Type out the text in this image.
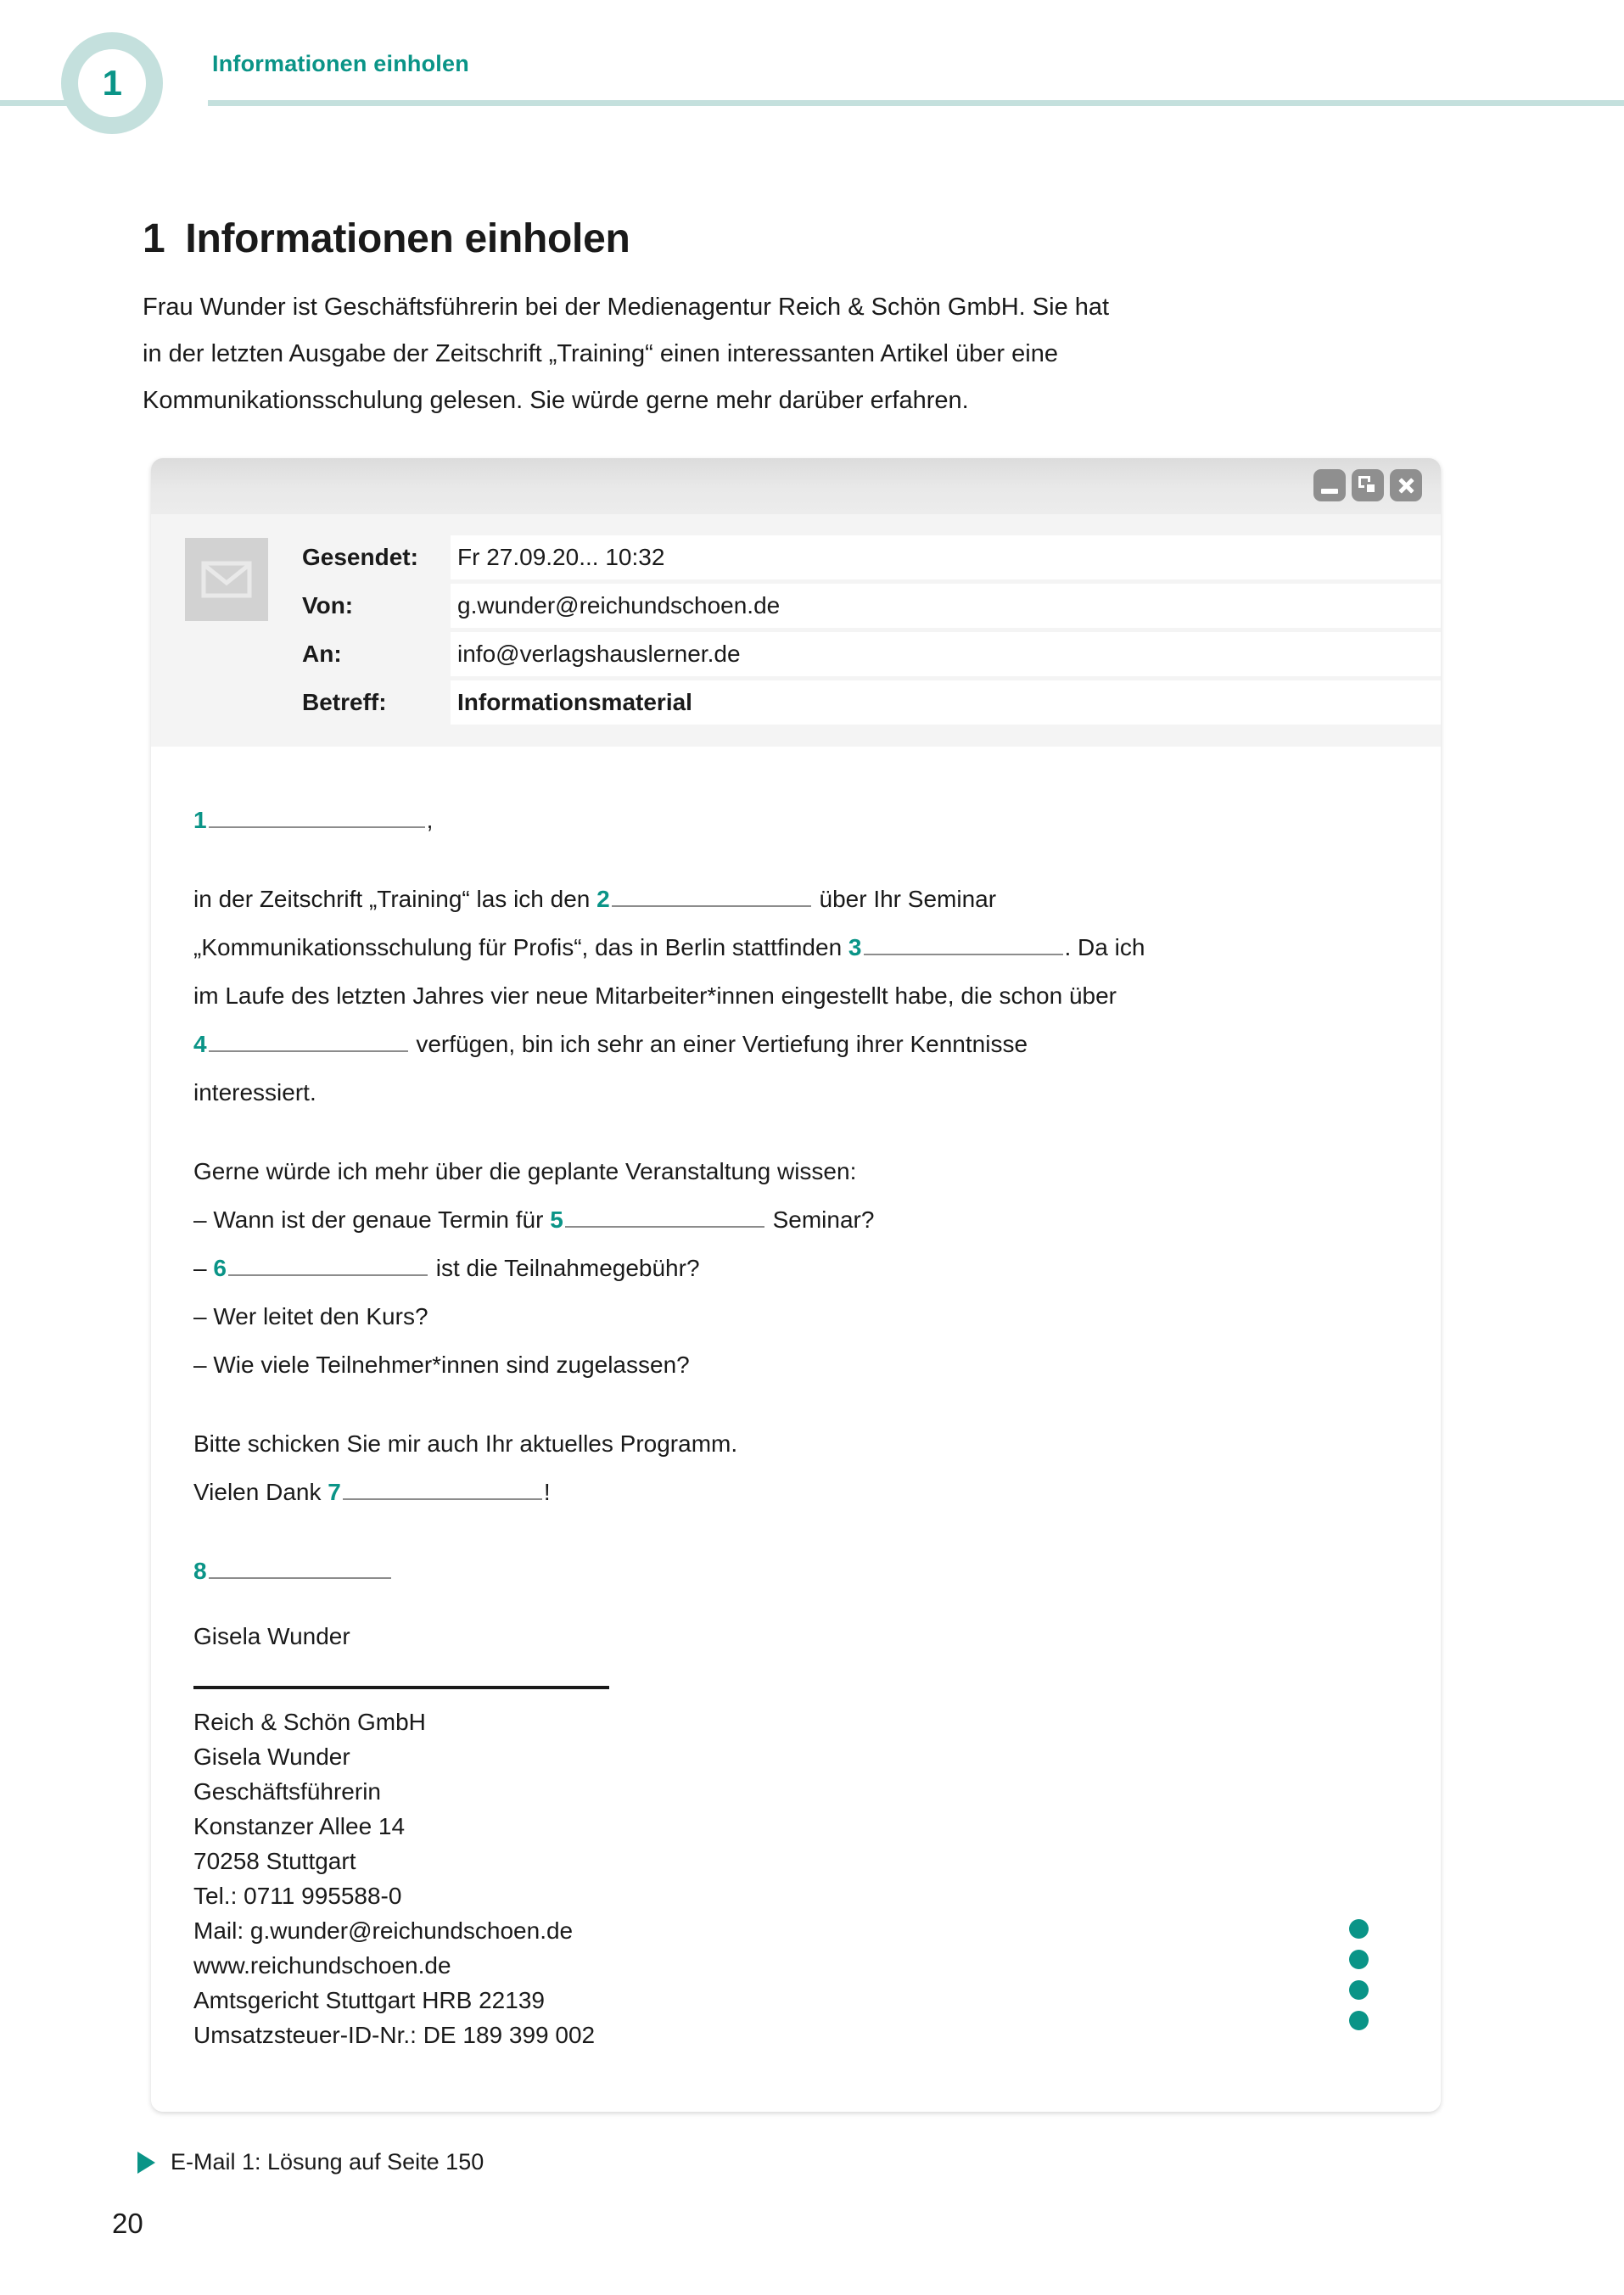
1	Informationen einholen
1 Informationen einholen

Frau Wunder ist Geschäftsführerin bei der Medienagentur Reich & Schön GmbH. Sie hat

in der letzten Ausgabe der Zeitschrift „Training“ einen interessanten Artikel über eine

Kommunikationsschulung gelesen. Sie würde gerne mehr darüber erfahren.

Gesendet:	Fr 27.09.20... 10:32
Von:	g.wunder@reichundschoen.de
An:	info@verlagshauslerner.de
Betreff:	Informationsmaterial
1	,
in der Zeitschrift „Training“ las ich den 2	über Ihr Seminar
„Kommunikationsschulung für Profis“, das in Berlin stattfinden 3	. Da ich
im Laufe des letzten Jahres vier neue Mitarbeiter*innen eingestellt habe, die schon über
4	verfügen, bin ich sehr an einer Vertiefung ihrer Kenntnisse
interessiert.
Gerne würde ich mehr über die geplante Veranstaltung wissen:
– Wann ist der genaue Termin für 5	Seminar?
– 6	ist die Teilnahmegebühr?
– Wer leitet den Kurs?
– Wie viele Teilnehmer*innen sind zugelassen?
Bitte schicken Sie mir auch Ihr aktuelles Programm.
Vielen Dank 7	!
8
Gisela Wunder
Reich & Schön GmbH
Gisela Wunder
Geschäftsführerin
Konstanzer Allee 14
70258 Stuttgart
Tel.: 0711 995588-0
Mail: g.wunder@reichundschoen.de
www.reichundschoen.de
Amtsgericht Stuttgart HRB 22139
Umsatzsteuer-ID-Nr.: DE 189 399 002
E-Mail 1: Lösung auf Seite 150
20
